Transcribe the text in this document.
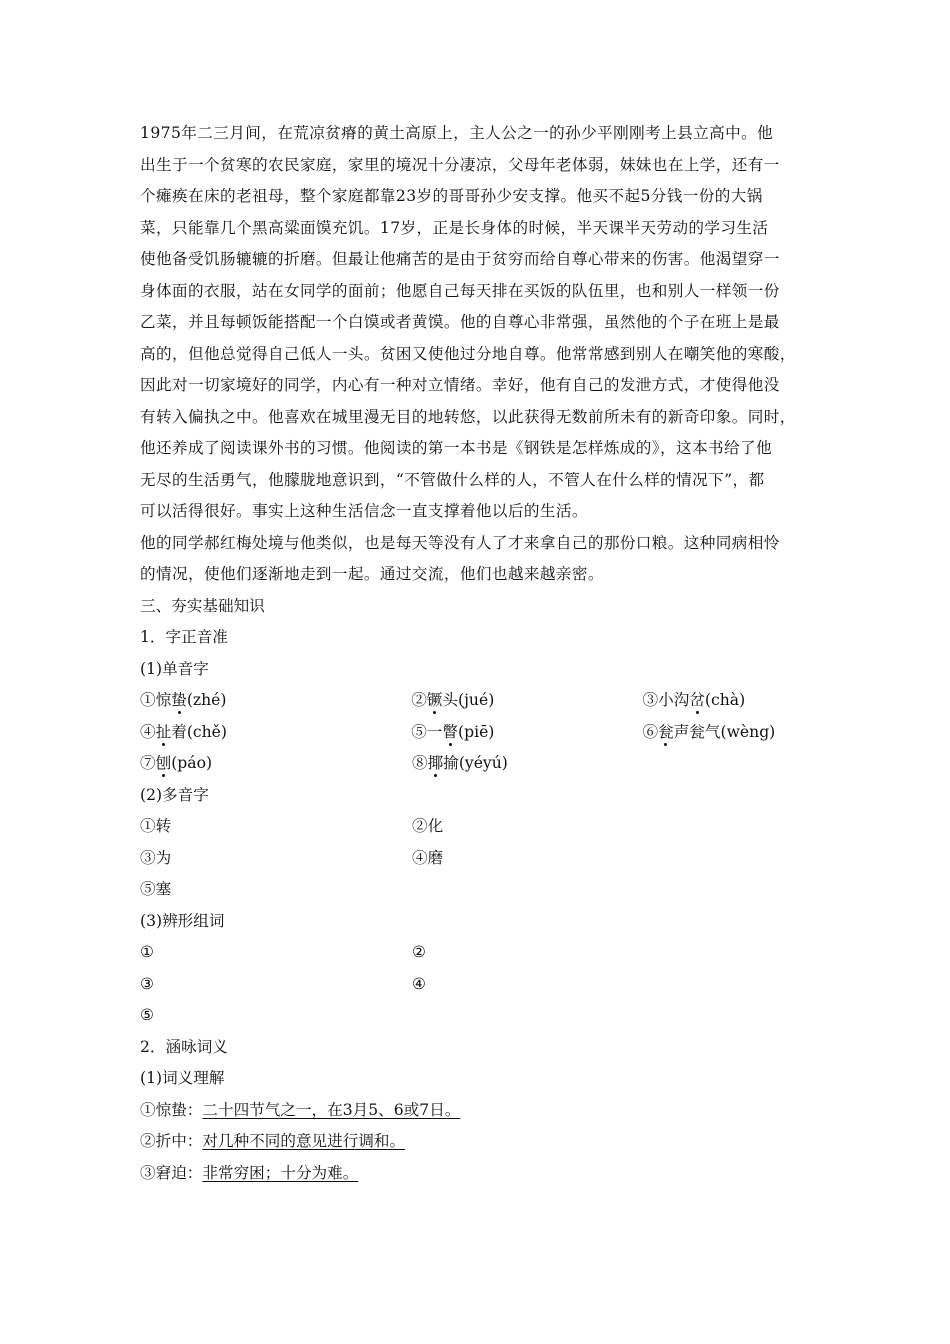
1975年二三月间，在荒凉贫瘠的黄土高原上，主人公之一的孙少平刚刚考上县立高中。他
出生于一个贫寒的农民家庭，家里的境况十分凄凉，父母年老体弱，妹妹也在上学，还有一
个瘫痪在床的老祖母，整个家庭都靠23岁的哥哥孙少安支撑。他买不起5分钱一份的大锅
菜，只能靠几个黑高粱面馍充饥。17岁，正是长身体的时候，半天课半天劳动的学习生活
使他备受饥肠辘辘的折磨。但最让他痛苦的是由于贫穷而给自尊心带来的伤害。他渴望穿一
身体面的衣服，站在女同学的面前；他愿自己每天排在买饭的队伍里，也和别人一样领一份
乙菜，并且每顿饭能搭配一个白馍或者黄馍。他的自尊心非常强，虽然他的个子在班上是最
高的，但他总觉得自己低人一头。贫困又使他过分地自尊。他常常感到别人在嘲笑他的寒酸，
因此对一切家境好的同学，内心有一种对立情绪。幸好，他有自己的发泄方式，才使得他没
有转入偏执之中。他喜欢在城里漫无目的地转悠，以此获得无数前所未有的新奇印象。同时，
他还养成了阅读课外书的习惯。他阅读的第一本书是《钢铁是怎样炼成的》，这本书给了他
无尽的生活勇气，他朦胧地意识到，“不管做什么样的人，不管人在什么样的情况下”，都
可以活得很好。事实上这种生活信念一直支撑着他以后的生活。
他的同学郝红梅处境与他类似，也是每天等没有人了才来拿自己的那份口粮。这种同病相怜
的情况，使他们逐渐地走到一起。通过交流，他们也越来越亲密。
三、夯实基础知识
1．字正音准
(1)单音字
①惊蛰(zhé)	②镢头(jué)	③小沟岔(chà)
④扯着(chě)	⑤一瞥(piē)	⑥瓮声瓮气(wèng)
⑦刨(páo)	⑧揶揄(yéyú)
(2)多音字
①转	②化
③为	④磨
⑤塞
(3)辨形组词
①	②
③	④
⑤
2．涵咏词义
(1)词义理解
①惊蛰：二十四节气之一，在3月5、6或7日。
②折中：对几种不同的意见进行调和。
③窘迫：非常穷困；十分为难。
